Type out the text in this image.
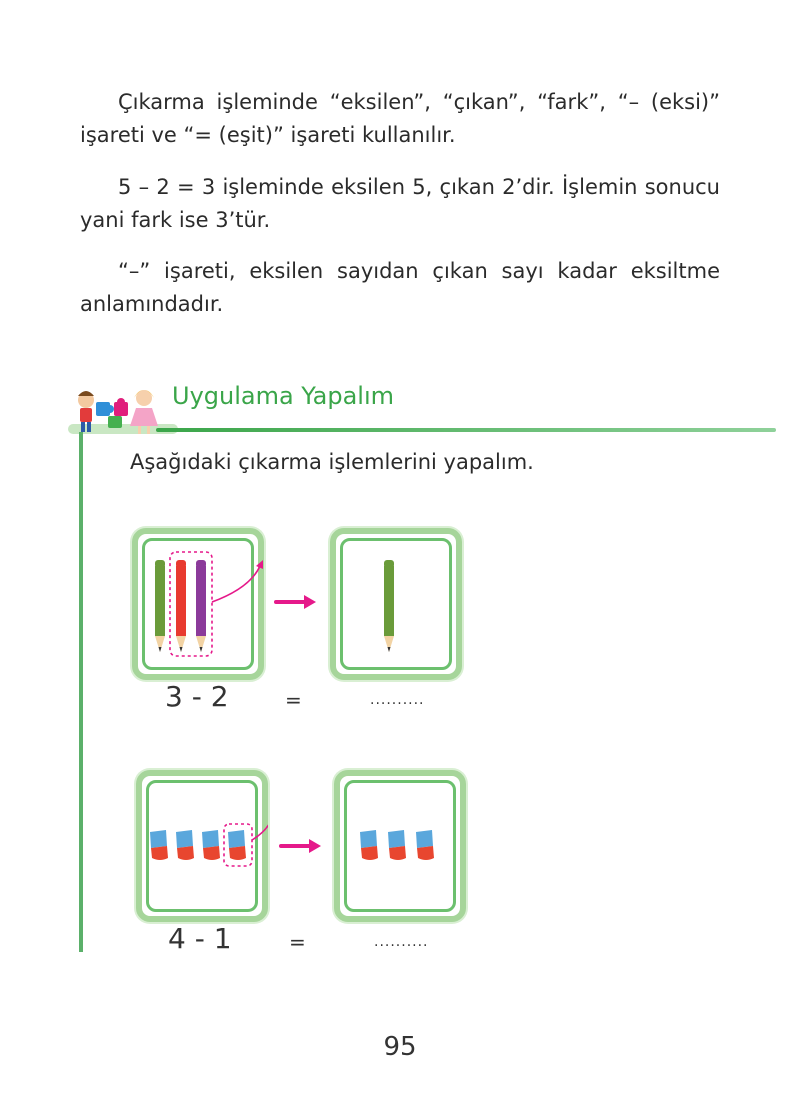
Çıkarma işleminde “eksilen”, “çıkan”, “fark”, “– (eksi)” işareti ve “= (eşit)” işareti kullanılır.

5 – 2 = 3 işleminde eksilen 5, çıkan 2’dir. İşlemin sonucu yani fark ise 3’tür.

“–” işareti, eksilen sayıdan çıkan sayı kadar eksiltme anlamındadır.

Uygulama Yapalım

Aşağıdaki çıkarma işlemlerini yapalım.

3 - 2	=	..........
4 - 1	=	..........
95
